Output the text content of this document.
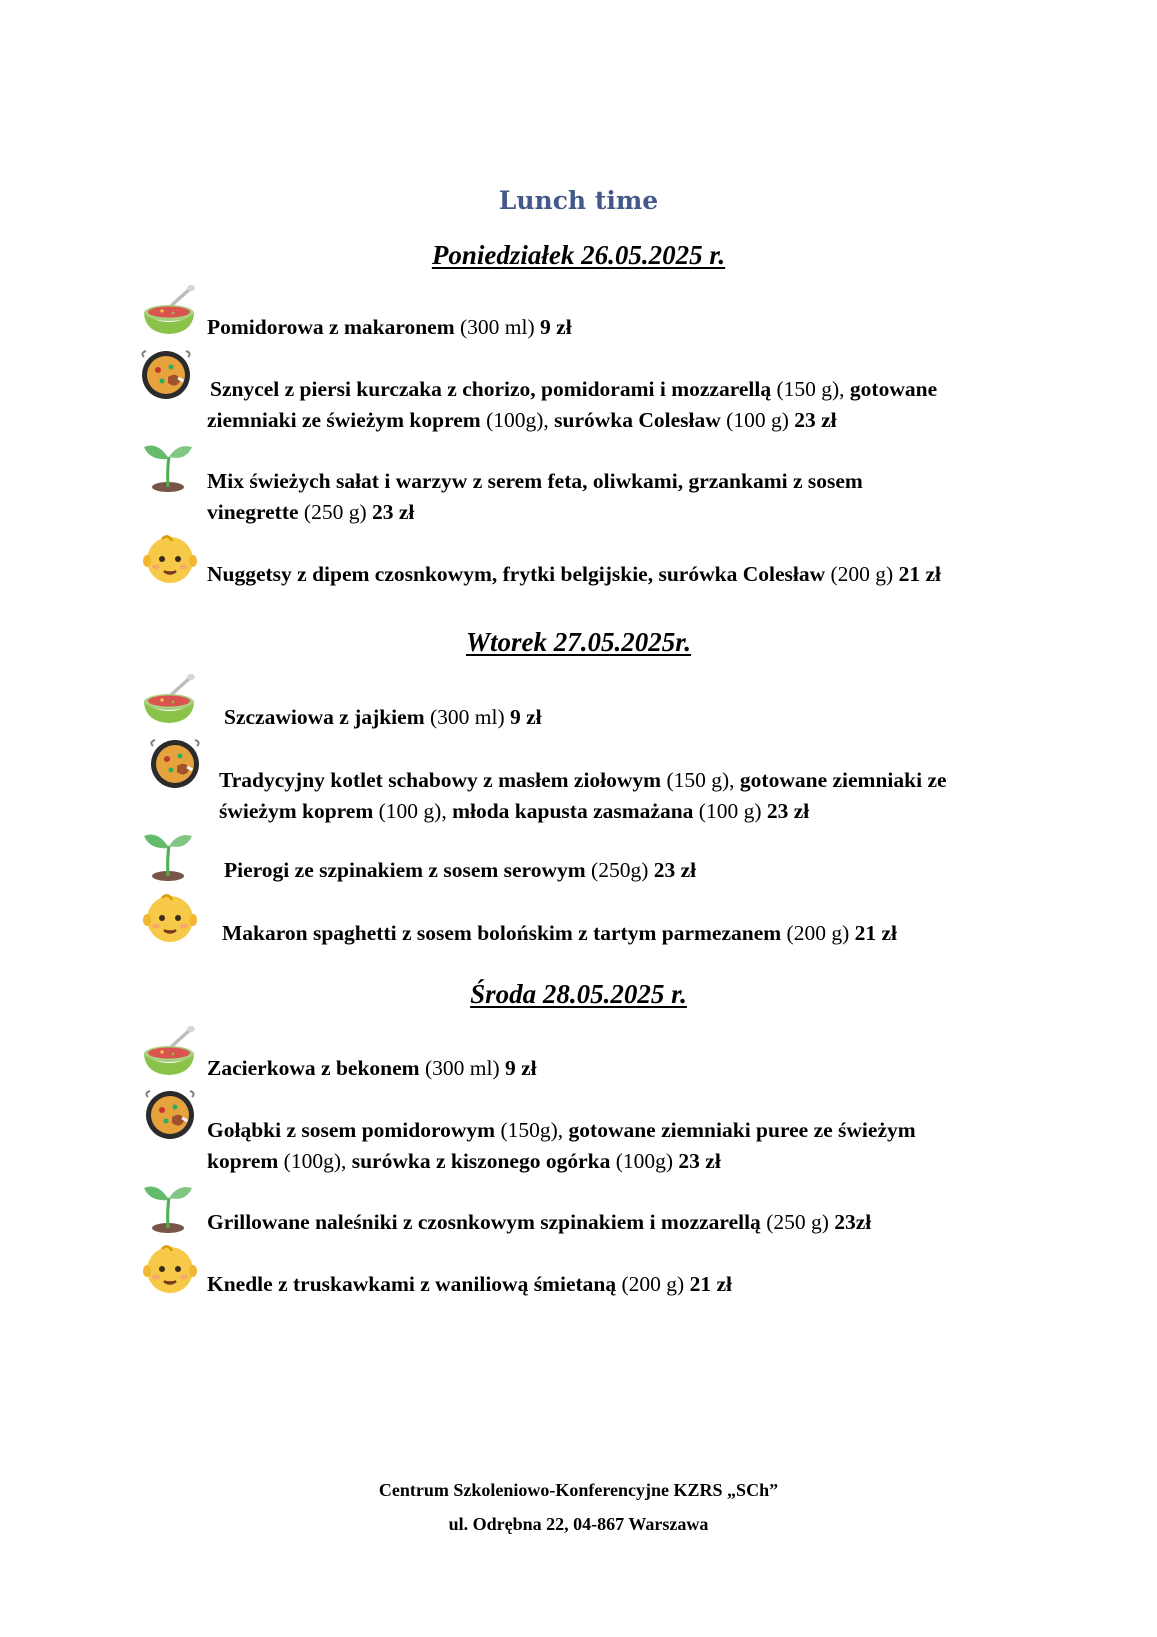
Lunch time
Poniedziałek 26.05.2025 r.
Pomidorowa z makaronem (300 ml) 9 zł
Sznycel z piersi kurczaka z chorizo, pomidorami i mozzarellą (150 g), gotowane
ziemniaki ze świeżym koprem (100g), surówka Colesław (100 g) 23 zł
Mix świeżych sałat i warzyw z serem feta, oliwkami, grzankami z sosem
vinegrette (250 g) 23 zł
Nuggetsy z dipem czosnkowym, frytki belgijskie, surówka Colesław (200 g) 21 zł
Wtorek 27.05.2025r.
Szczawiowa z jajkiem (300 ml) 9 zł
Tradycyjny kotlet schabowy z masłem ziołowym (150 g), gotowane ziemniaki ze
świeżym koprem (100 g), młoda kapusta zasmażana (100 g) 23 zł
Pierogi ze szpinakiem z sosem serowym (250g) 23 zł
Makaron spaghetti z sosem bolońskim z tartym parmezanem (200 g) 21 zł
Środa 28.05.2025 r.
Zacierkowa z bekonem (300 ml) 9 zł
Gołąbki z sosem pomidorowym (150g), gotowane ziemniaki puree ze świeżym
koprem (100g), surówka z kiszonego ogórka (100g) 23 zł
Grillowane naleśniki z czosnkowym szpinakiem i mozzarellą (250 g) 23zł
Knedle z truskawkami z waniliową śmietaną (200 g) 21 zł
Centrum Szkoleniowo-Konferencyjne KZRS „SCh”
ul. Odrębna 22, 04-867 Warszawa
